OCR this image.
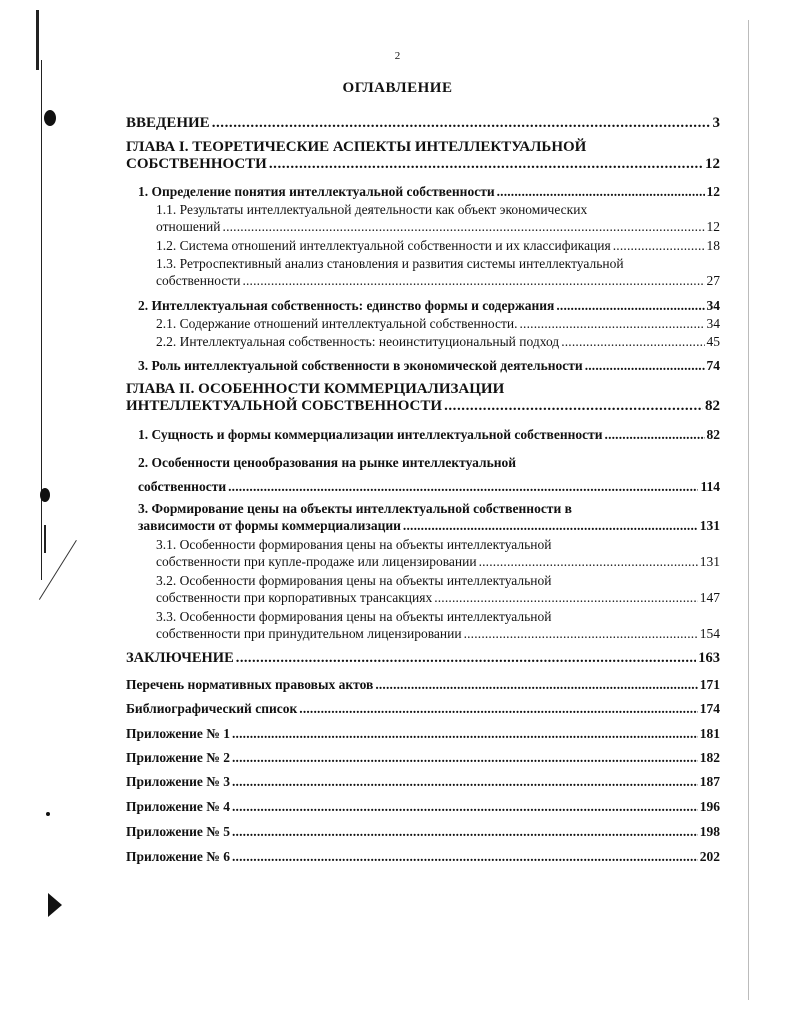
2
ОГЛАВЛЕНИЕ
ВВЕДЕНИЕ . . .	3
ГЛАВА I. ТЕОРЕТИЧЕСКИЕ АСПЕКТЫ ИНТЕЛЛЕКТУАЛЬНОЙ
СОБСТВЕННОСТИ . . .	12
1. Определение понятия интеллектуальной собственности . . .	12
1.1. Результаты интеллектуальной деятельности как объект экономических
отношений . . .	12
1.2. Система отношений интеллектуальной собственности и их классификация . . .	18
1.3. Ретроспективный анализ становления и развития системы интеллектуальной
собственности . . .	27
2. Интеллектуальная собственность: единство формы и содержания . . .	34
2.1. Содержание отношений интеллектуальной собственности. . . .	34
2.2. Интеллектуальная собственность: неоинституциональный подход . . .	45
3. Роль интеллектуальной собственности в экономической деятельности . . .	74
ГЛАВА II. ОСОБЕННОСТИ КОММЕРЦИАЛИЗАЦИИ
ИНТЕЛЛЕКТУАЛЬНОЙ СОБСТВЕННОСТИ . . .	82
1. Сущность и формы коммерциализации интеллектуальной собственности . . .	82
2. Особенности ценообразования на рынке интеллектуальной
собственности . . .	114
3. Формирование цены на объекты интеллектуальной собственности в
зависимости от формы коммерциализации . . .	131
3.1. Особенности формирования цены на объекты интеллектуальной
собственности при купле-продаже или лицензировании . . .	131
3.2. Особенности формирования цены на объекты интеллектуальной
собственности при корпоративных трансакциях . . .	147
3.3. Особенности формирования цены на объекты интеллектуальной
собственности при принудительном лицензировании . . .	154
ЗАКЛЮЧЕНИЕ . . .	163
Перечень нормативных правовых актов . . .	171
Библиографический список . . .	174
Приложение № 1 . . .	181
Приложение № 2 . . .	182
Приложение № 3 . . .	187
Приложение № 4 . . .	196
Приложение № 5 . . .	198
Приложение № 6 . . .	202
